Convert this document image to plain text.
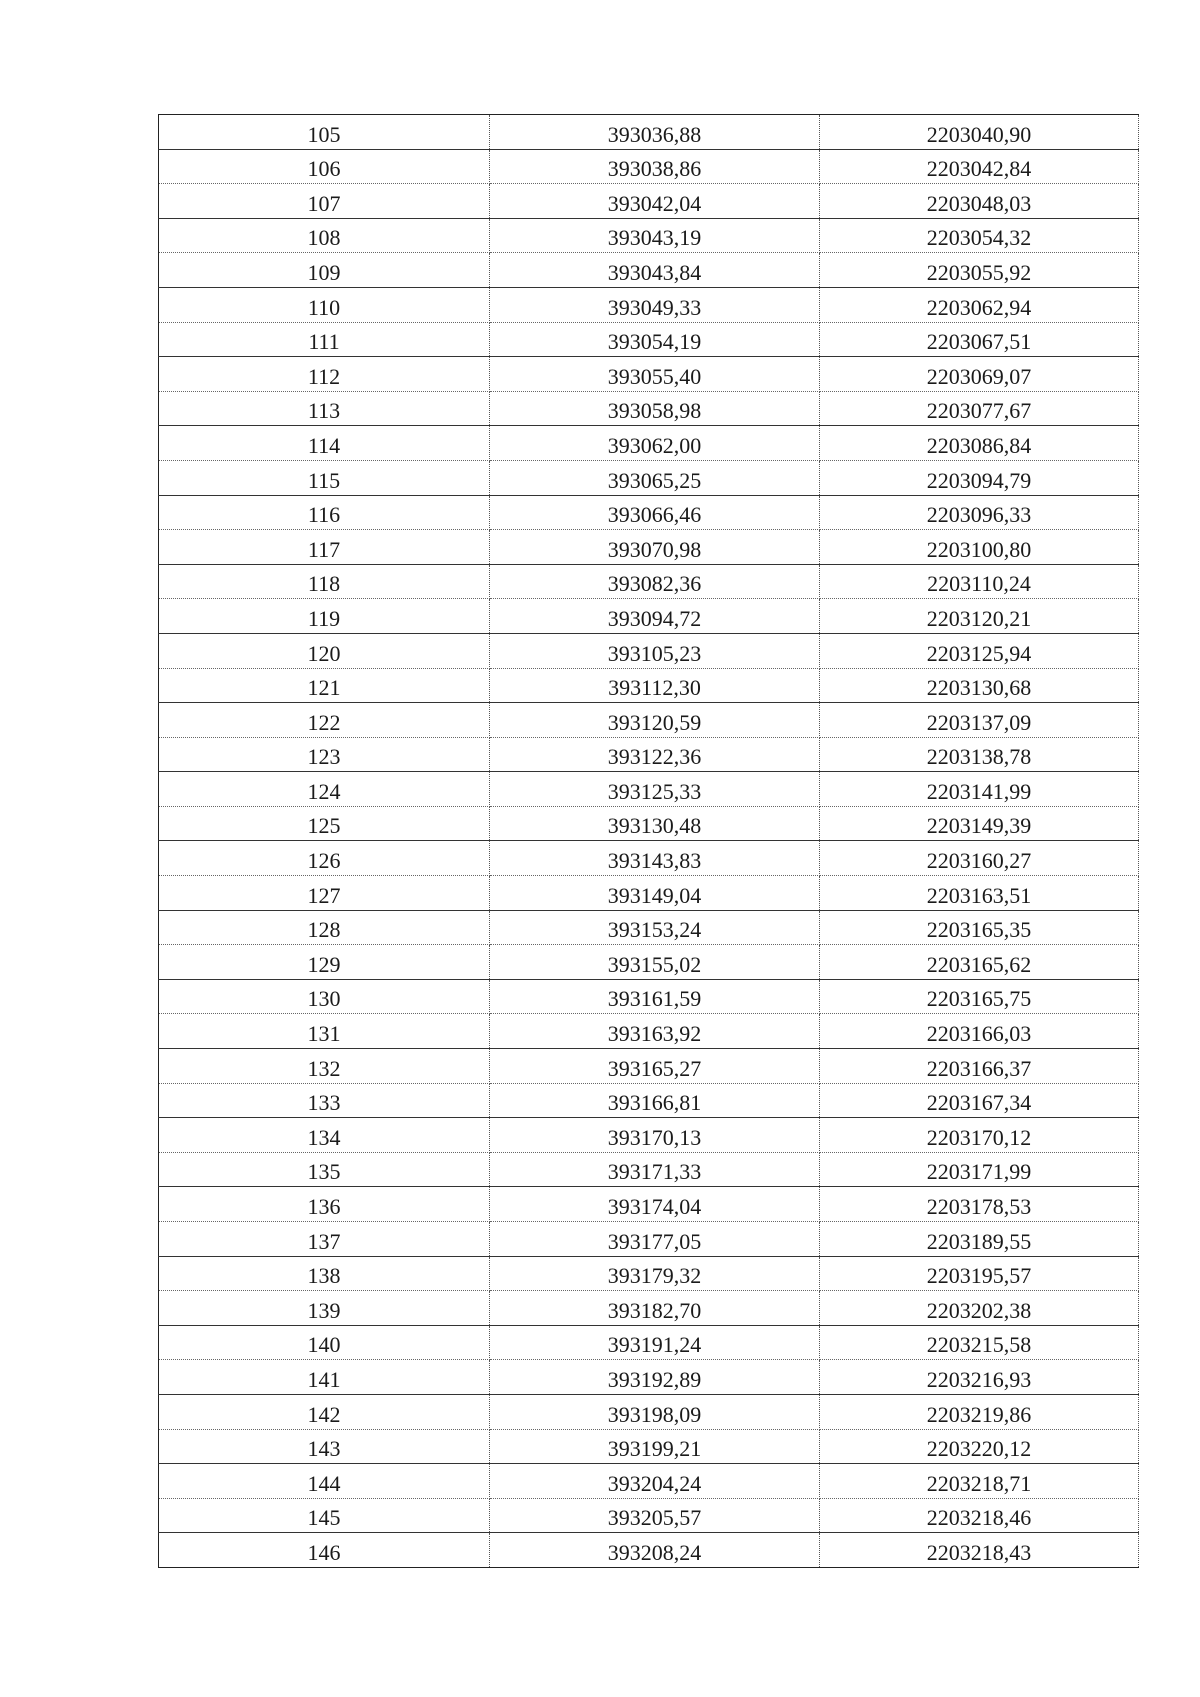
105	393036,88	2203040,90
106	393038,86	2203042,84
107	393042,04	2203048,03
108	393043,19	2203054,32
109	393043,84	2203055,92
110	393049,33	2203062,94
111	393054,19	2203067,51
112	393055,40	2203069,07
113	393058,98	2203077,67
114	393062,00	2203086,84
115	393065,25	2203094,79
116	393066,46	2203096,33
117	393070,98	2203100,80
118	393082,36	2203110,24
119	393094,72	2203120,21
120	393105,23	2203125,94
121	393112,30	2203130,68
122	393120,59	2203137,09
123	393122,36	2203138,78
124	393125,33	2203141,99
125	393130,48	2203149,39
126	393143,83	2203160,27
127	393149,04	2203163,51
128	393153,24	2203165,35
129	393155,02	2203165,62
130	393161,59	2203165,75
131	393163,92	2203166,03
132	393165,27	2203166,37
133	393166,81	2203167,34
134	393170,13	2203170,12
135	393171,33	2203171,99
136	393174,04	2203178,53
137	393177,05	2203189,55
138	393179,32	2203195,57
139	393182,70	2203202,38
140	393191,24	2203215,58
141	393192,89	2203216,93
142	393198,09	2203219,86
143	393199,21	2203220,12
144	393204,24	2203218,71
145	393205,57	2203218,46
146	393208,24	2203218,43
